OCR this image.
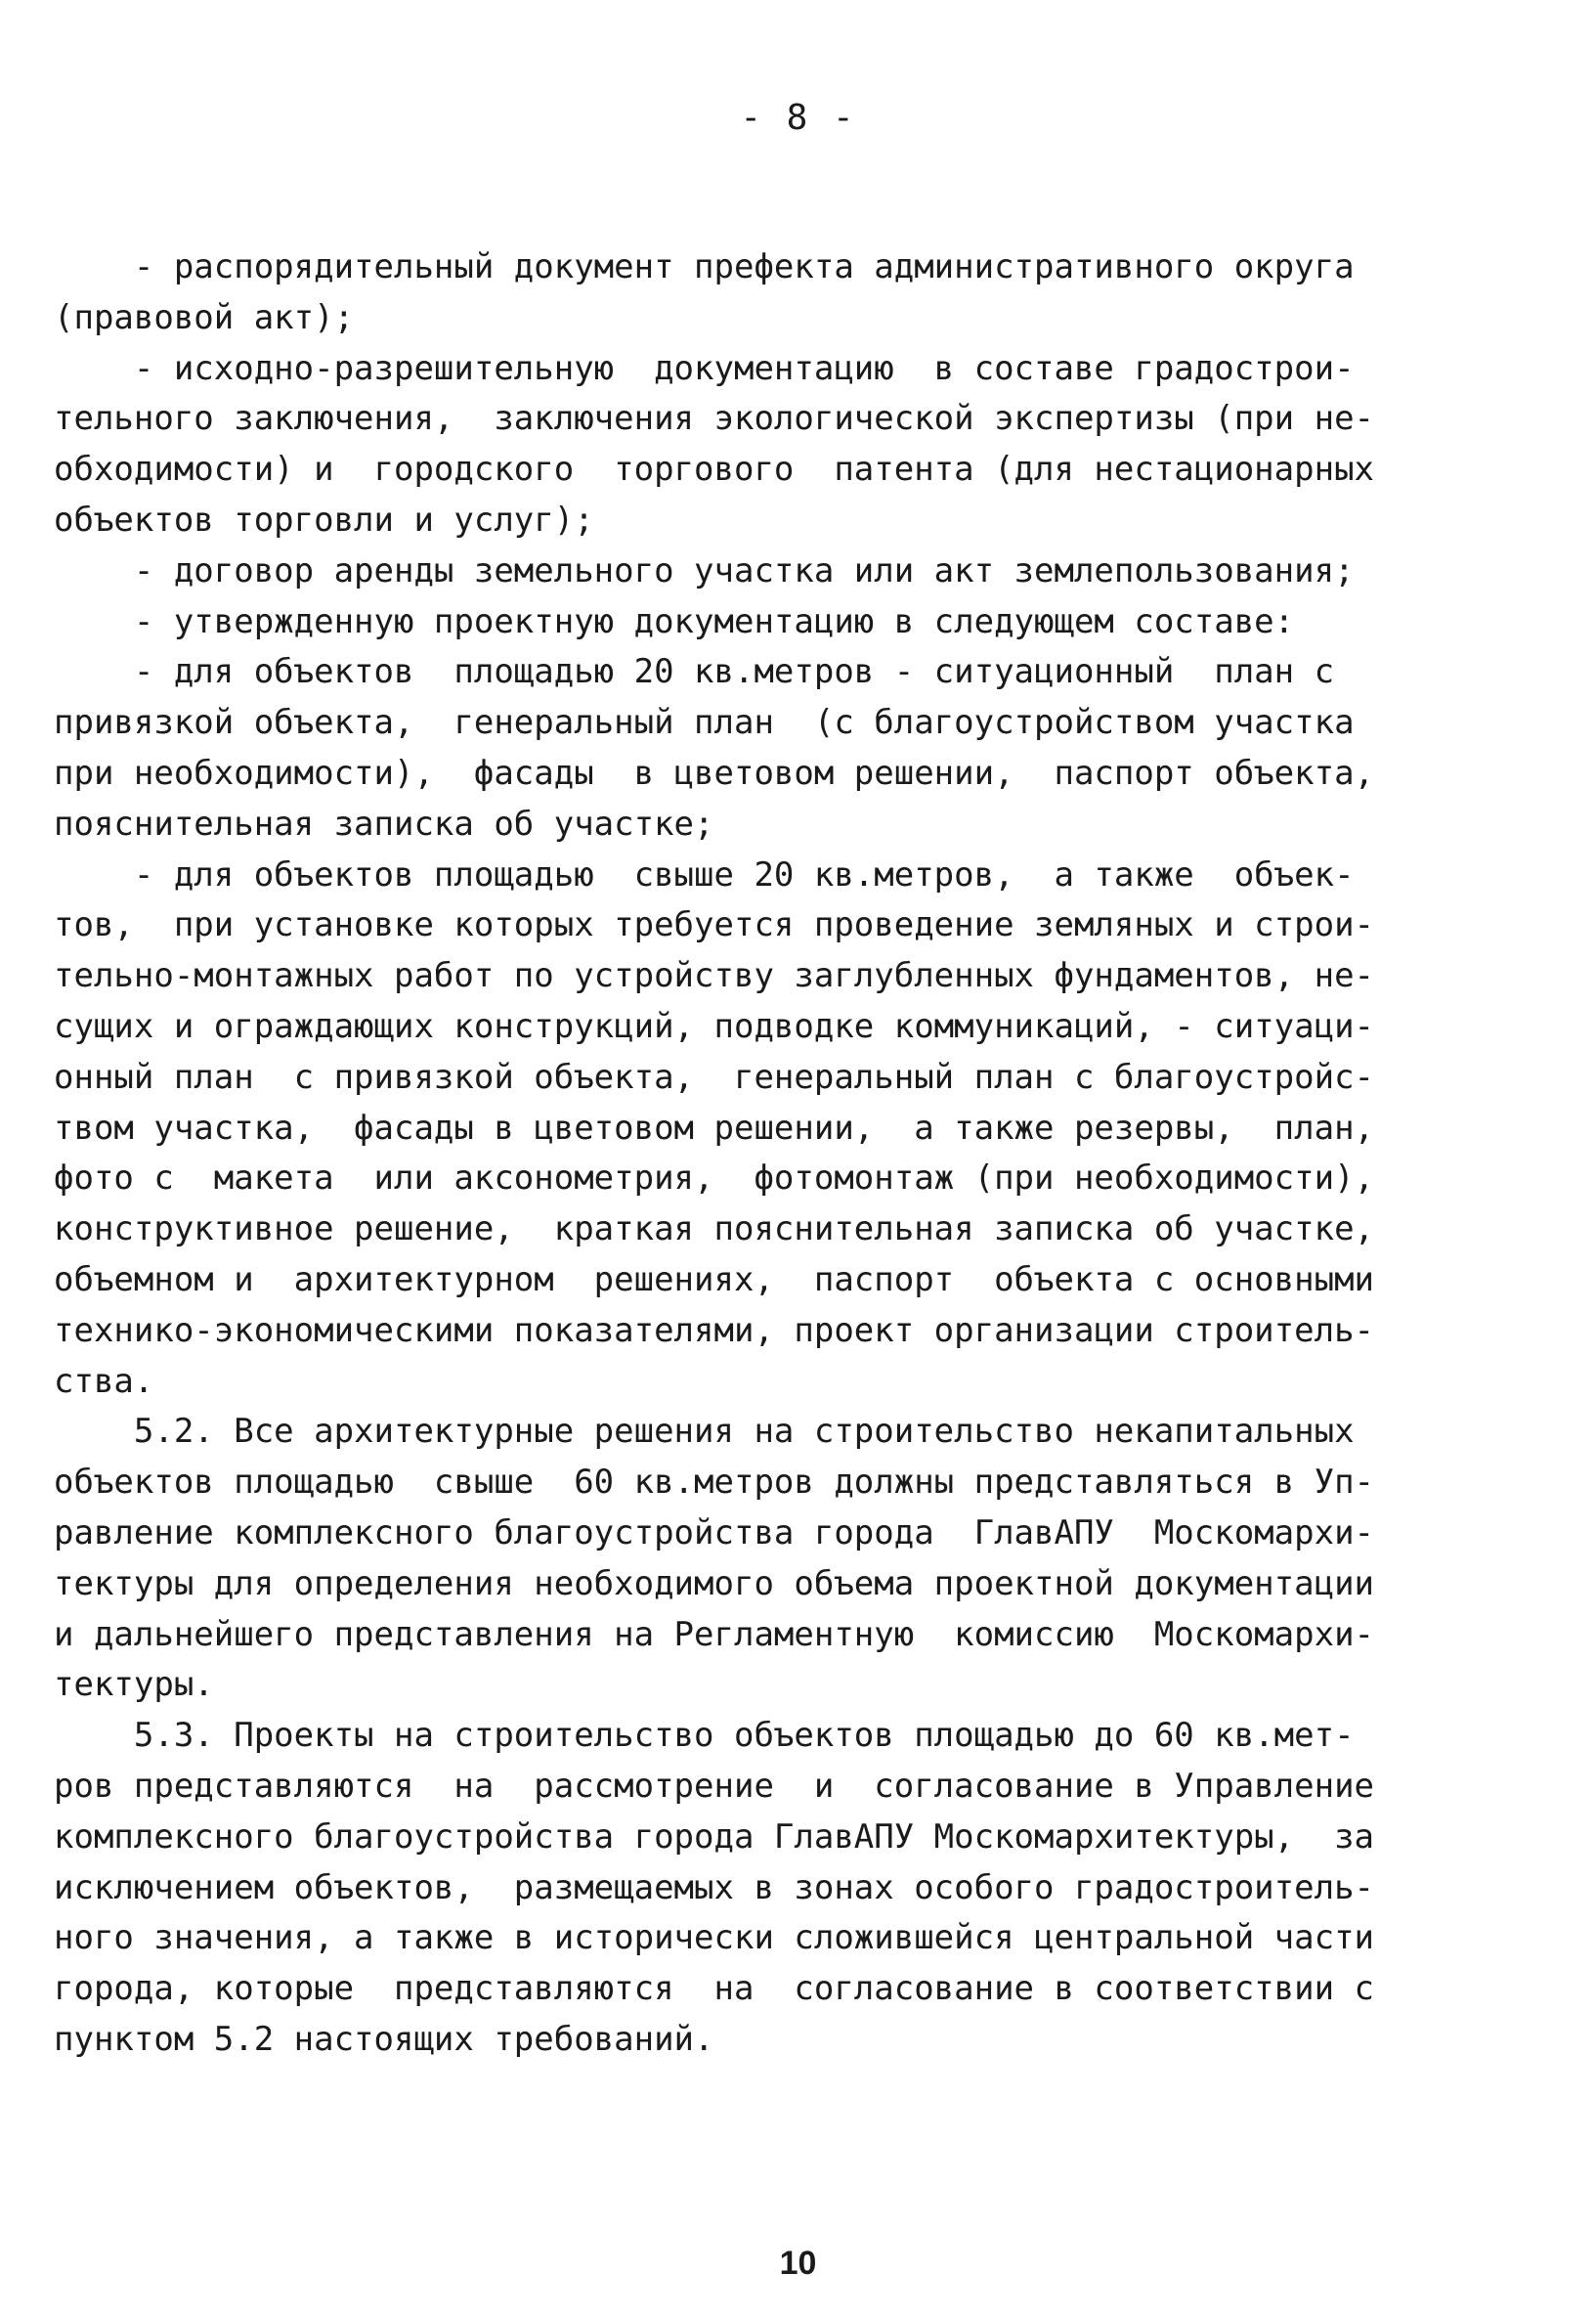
- 8 -
- распорядительный документ префекта административного округа
(правовой акт);
- исходно-разрешительную  документацию  в составе градострои-
тельного заключения,  заключения экологической экспертизы (при не-
обходимости) и  городского  торгового  патента (для нестационарных
объектов торговли и услуг);
- договор аренды земельного участка или акт землепользования;
- утвержденную проектную документацию в следующем составе:
- для объектов  площадью 20 кв.метров - ситуационный  план с
привязкой объекта,  генеральный план  (с благоустройством участка
при необходимости),  фасады  в цветовом решении,  паспорт объекта,
пояснительная записка об участке;
- для объектов площадью  свыше 20 кв.метров,  а также  объек-
тов,  при установке которых требуется проведение земляных и строи-
тельно-монтажных работ по устройству заглубленных фундаментов, не-
сущих и ограждающих конструкций, подводке коммуникаций, - ситуаци-
онный план  с привязкой объекта,  генеральный план с благоустройс-
твом участка,  фасады в цветовом решении,  а также резервы,  план,
фото с  макета  или аксонометрия,  фотомонтаж (при необходимости),
конструктивное решение,  краткая пояснительная записка об участке,
объемном и  архитектурном  решениях,  паспорт  объекта с основными
технико-экономическими показателями, проект организации строитель-
ства.
5.2. Все архитектурные решения на строительство некапитальных
объектов площадью  свыше  60 кв.метров должны представляться в Уп-
равление комплексного благоустройства города  ГлавАПУ  Москомархи-
тектуры для определения необходимого объема проектной документации
и дальнейшего представления на Регламентную  комиссию  Москомархи-
тектуры.
5.3. Проекты на строительство объектов площадью до 60 кв.мет-
ров представляются  на  рассмотрение  и  согласование в Управление
комплексного благоустройства города ГлавАПУ Москомархитектуры,  за
исключением объектов,  размещаемых в зонах особого градостроитель-
ного значения, а также в исторически сложившейся центральной части
города, которые  представляются  на  согласование в соответствии с
пунктом 5.2 настоящих требований.
10
